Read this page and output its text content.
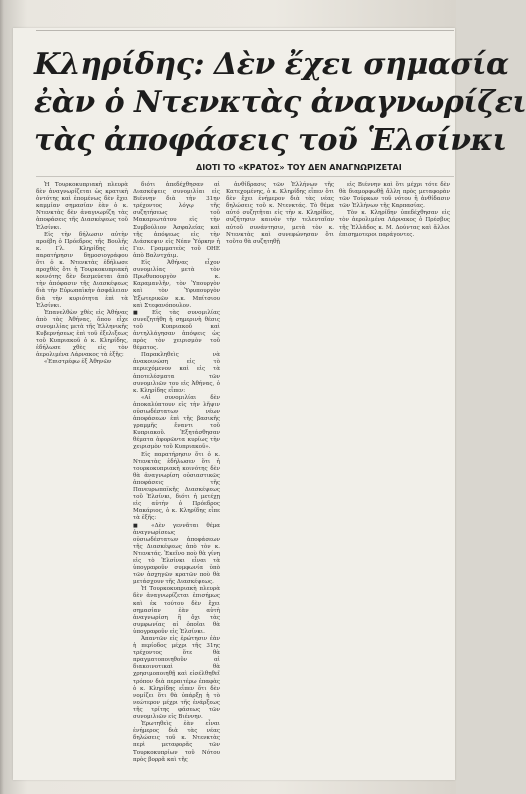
Κληρίδης: Δὲν ἔχει σημασία
ἐὰν ὁ Ντενκτὰς ἀναγνωρίζει
τὰς ἀποφάσεις τοῦ Ἑλσίνκι
ΔΙΟΤΙ ΤΟ «ΚΡΑΤΟΣ» ΤΟΥ ΔΕΝ ΑΝΑΓΝΩΡΙΖΕΤΑΙ

Ἡ Τουρκοκυπριακὴ πλευρὰ δὲν ἀναγνωρίζεται ὡς κρατικὴ ὀντότης καὶ ἑπομένως δὲν ἔχει καμμίαν σημασίαν ἐὰν ὁ κ. Ντενκτὰς δὲν ἀναγνωρίζη τὰς ἀποφάσεις τῆς Διασκέψεως τοῦ Ἑλσίνκι.

Εἰς τὴν δήλωσιν αὐτὴν προέβη ὁ Πρόεδρος τῆς Βουλῆς κ. Γλ. Κληρίδης εἰς παρατήρησιν δημοσιογράφου ὅτι ὁ κ. Ντενκτὰς ἐδήλωσε προχθὲς ὅτι ἡ Τουρκοκυπριακὴ κοινότης δὲν δεσμεύεται ἀπὸ τὴν ἀπόφασιν τῆς Διασκέψεως διὰ τὴν Εὐρωπαϊκὴν ἀσφάλειαν διὰ τὴν κυριότητα ἐπὶ τὰ Ἑλσίνκι.

Ἐπανελθὼν χθὲς εἰς Ἀθήνας ἀπὸ τὰς Ἀθήνας, ὅπου εἶχε συνομιλίας μετὰ τῆς Ἑλληνικῆς Κυβερνήσεως ἐπὶ τοῦ ἐξελιξεως τοῦ Κυπριακοῦ ὁ κ. Κληρίδης, ἐδήλωσε χθὲς εἰς τὸν ἀερολιμένα Λάρνακος τὰ ἑξῆς:

«Ἐπιστρέφω ἐξ Ἀθηνῶν

διότι ἀπεδέχθησαν αἱ Διασκέψεις συνομιλίαι εἰς Βιέννην διὰ τὴν 31ην τρέχοντος λόγῳ τῆς συζητήσεως τοῦ Μακαριωτάτου εἰς τὴν Συμβούλιον Ἀσφαλείας καὶ τῆς ἀπόψεως εἰς τὴν Διάσκεψιν εἰς Νέαν Ὑόρκην ἡ Γεν. Γραμματεὺς τοῦ ΟΗΕ ἀπὸ Βαλντχάιμ.

Εἰς Ἀθήνας εἶχον συνομιλίας μετὰ τὸν Πρωθυπουργὸν κ. Καραμανλῆν, τὸν Ὑπουργὸν καὶ τὸν Ὑφυπουργὸν Ἐξωτερικῶν κ.κ. Μπίτσιου καὶ Στεφανόπουλον.

■ Εἰς τὰς συνομιλίας συνεζητήθη ἡ σημερινὴ θέσις τοῦ Κυπριακοῦ καὶ ἀντηλλάγησαν ἀπόψεις ὡς πρὸς τὸν χειρισμὸν τοῦ θέματος.

Παρακληθεὶς νὰ ἀνακοινώση εἰς τὸ περιεχόμενον καὶ εἰς τὰ ἀποτελέσματα τῶν συνομιλιῶν του εἰς Ἀθήνας, ὁ κ. Κληρίδης εἶπεν:

«Αἱ συνομιλίαι δὲν ἀποκαλύπτουν εἰς τὴν λῆψιν οὐσιωδέστατων νέων ἀποφάσεων ἐπὶ τῆς βασικῆς γραμμῆς ἔναντι τοῦ Κυπριακοῦ. Ἐξητάσθησαν θέματα ἀφορῶντα κυρίως τὴν χειρισμὸν τοῦ Κυπριακοῦ».

Εἰς παρατήρησιν ὅτι ὁ κ. Ντενκτὰς ἐδήλωσεν ὅτι ἡ τουρκοκυπριακὴ κοινότης δὲν θὰ ἀναγνωρίση οὐσιαστικῶς ἀποφάσεις τῆς Πανευρωπαϊκῆς Διασκέψεως τοῦ Ἑλσίνκι, διότι ἡ μετέχῃ εἰς αὐτὴν ὁ Πρόεδρος Μακάριος, ὁ κ. Κληρίδης εἶπε τὰ ἑξῆς:

■ «Δὲν γεννᾶται θέμα ἀναγνωρίσεως οὐσιωδέστατων ἀποφάσεων τῆς Διασκέψεως ἀπὸ τὸν κ. Ντενκτάς. Ἐκεῖνο ποὺ θὰ γίνη εἰς τὸ Ἑλσίνκι εἶναι τὰ ὑπογραφοῦν συμφωνία ὑπὸ τῶν ἀσχηγῶν κρατῶν ποὺ θὰ μετάσχουν τῆς Διασκέψεως.

Ἡ Τουρκοκυπριακὴ πλευρὰ δὲν ἀναγνωρίζεται ἐπισήμως καὶ ἐκ τούτου δὲν ἔχει σημασίαν ἐὰν αὐτὴ ἀναγνωρίση ἢ ὄχι τὰς συμφωνίας αἱ ὁποῖαι θὰ ὑπογραφοῦν εἰς Ἑλσίνκι.

Ἀπαντῶν εἰς ἐρώτησιν ἐὰν ἡ περίοδος μέχρι τῆς 31ης τρέχοντος ὅτε θὰ πραγματοποιηθοῦν αἱ διακοινοτικαὶ θὰ χρησιμοποιηθῇ καὶ εἰσέλθηθεῖ τρόπον διὰ περαιτέρω ἐπαφὰς ὁ κ. Κληρίδης εἶπεν ὅτι δὲν νομίζει ὅτι θὰ ὑπάρξῃ ἡ τὸ νεώτερον μέχρι τῆς ἐνάρξεως τῆς τρίτης φάσεως τῶν συνομιλιῶν εἰς Βιέννην.

Ἐρωτηθεὶς ἐὰν εἶναι ἐνήμερος διὰ τὰς νέας δηλώσεις τοῦ κ. Ντενκτὰς περὶ μεταφορᾶς τῶν Τουρκοκυπρίων τοῦ Νότου πρὸς βορρᾶ καὶ τῆς

ἀνθίδρασις τῶν Ἑλλήνων τῆς Κατεχομένης, ὁ κ. Κληρίδης εἶπεν ὅτι δὲν ἔχει ἐνήμερον διὰ τὰς νέας δηλώσεις τοῦ κ. Ντενκτάς. Τὸ θέμα αὐτό συζητῆται εἰς τὴν κ. Κληρίδες, συζήτησιν καινὸν τὴν τελευταῖαν αὐτοῦ συνάντησιν, μετὰ τὸν κ. Ντενκτὰς καὶ συνεφώνησαν ὅτι τοῦτο θὰ συζητηθῇ

εἰς Βιέννην καὶ ὅτι μέχρι τότε δὲν θὰ διαμορφωθῇ ἄλλη πρὸς μεταφορὰν τῶν Τούρκων τοῦ νότου ἢ ἀνθίδασιν τῶν Ἑλλήνων τῆς Καρπασίας.

Τὸν κ. Κληρίδην ὑπεδέχθησαν εἰς τὸν ἀερολιμένα Λάρνακος ὁ Πρέσβυς τῆς Ἑλλάδος κ. Μ. Δούντας καὶ ἄλλοι ἐπισημοτεροι παράγοντες.
